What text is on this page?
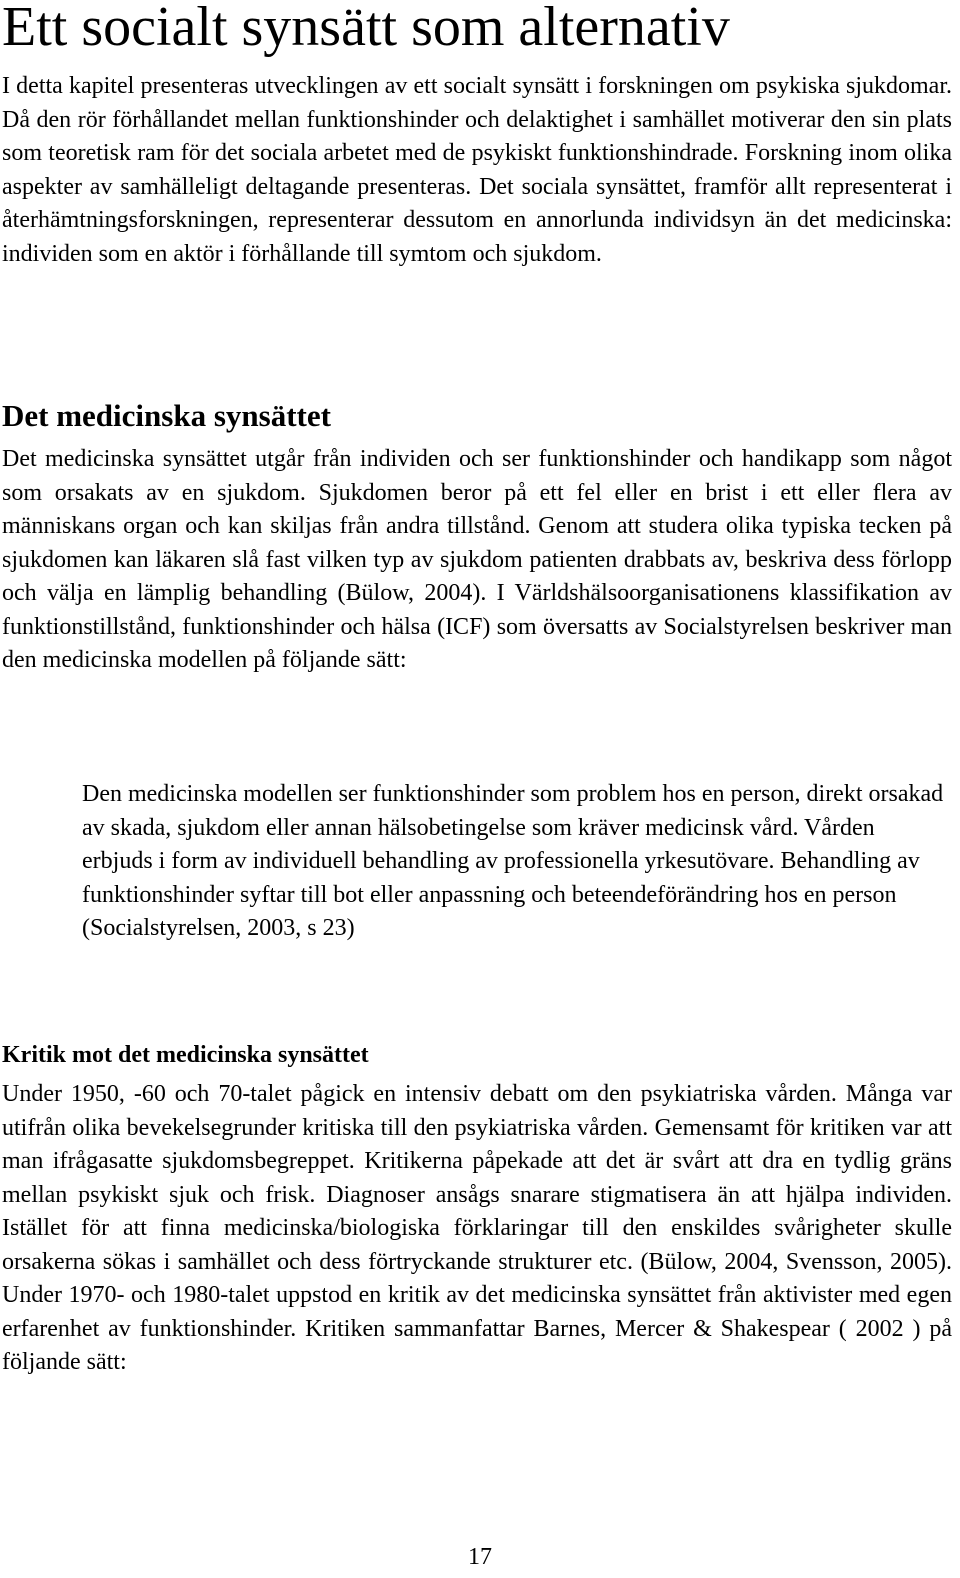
Ett socialt synsätt som alternativ

I detta kapitel presenteras utvecklingen av ett socialt synsätt i forskningen om psykiska sjukdomar. Då den rör förhållandet mellan funktionshinder och delaktighet i samhället motiverar den sin plats som teoretisk ram för det sociala arbetet med de psykiskt funktionshindrade. Forskning inom olika aspekter av samhälleligt deltagande presenteras. Det sociala synsättet, framför allt representerat i återhämtningsforskningen, representerar dessutom en annorlunda individsyn än det medicinska: individen som en aktör i förhållande till symtom och sjukdom.

Det medicinska synsättet

Det medicinska synsättet utgår från individen och ser funktionshinder och handikapp som något som orsakats av en sjukdom. Sjukdomen beror på ett fel eller en brist i ett eller flera av människans organ och kan skiljas från andra tillstånd. Genom att studera olika typiska tecken på sjukdomen kan läkaren slå fast vilken typ av sjukdom patienten drabbats av, beskriva dess förlopp och välja en lämplig behandling (Bülow, 2004). I Världshälsoorganisationens klassifikation av funktionstillstånd, funktionshinder och hälsa (ICF) som översatts av Socialstyrelsen beskriver man den medicinska modellen på följande sätt:

Den medicinska modellen ser funktionshinder som problem hos en person, direkt orsakad av skada, sjukdom eller annan hälsobetingelse som kräver medicinsk vård. Vården erbjuds i form av individuell behandling av professionella yrkesutövare. Behandling av funktionshinder syftar till bot eller anpassning och beteendeförändring hos en person (Socialstyrelsen, 2003, s 23)
Kritik mot det medicinska synsättet

Under 1950, -60 och 70-talet pågick en intensiv debatt om den psykiatriska vården. Många var utifrån olika bevekelsegrunder kritiska till den psykiatriska vården. Gemensamt för kritiken var att man ifrågasatte sjukdomsbegreppet. Kritikerna påpekade att det är svårt att dra en tydlig gräns mellan psykiskt sjuk och frisk. Diagnoser ansågs snarare stigmatisera än att hjälpa individen. Istället för att finna medicinska/biologiska förklaringar till den enskildes svårigheter skulle orsakerna sökas i samhället och dess förtryckande strukturer etc. (Bülow, 2004, Svensson, 2005). Under 1970- och 1980-talet uppstod en kritik av det medicinska synsättet från aktivister med egen erfarenhet av funktionshinder. Kritiken sammanfattar Barnes, Mercer & Shakespear ( 2002 ) på följande sätt:

17
